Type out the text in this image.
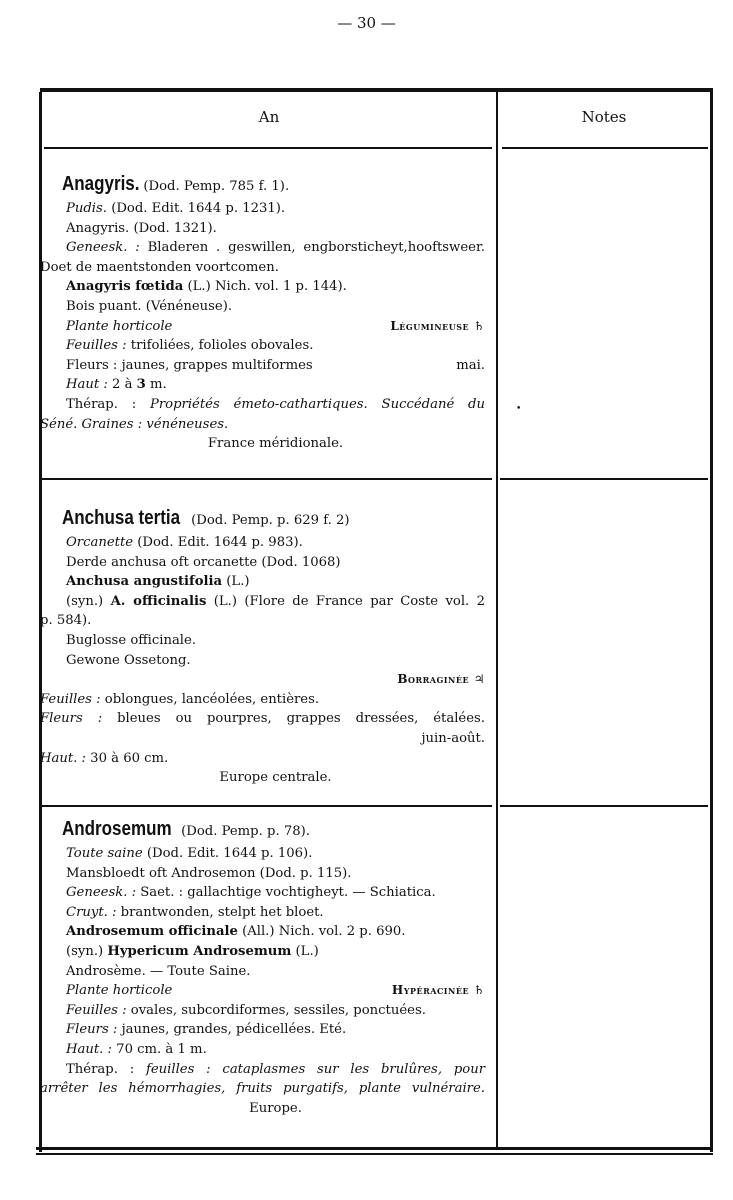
— 30 —
An	Notes
•
Anagyris. (Dod. Pemp. 785 f. 1).
Pudis. (Dod. Edit. 1644 p. 1231).
Anagyris. (Dod. 1321).
Geneesk. : Bladeren . geswillen, engborsticheyt,hooftsweer.
Doet de maentstonden voortcomen.
Anagyris fœtida (L.) Nich. vol. 1 p. 144).
Bois puant. (Vénéneuse).
Plante horticole	Légumineuse ♄
Feuilles : trifoliées, folioles obovales.
Fleurs : jaunes, grappes multiformes	mai.
Haut : 2 à 3 m.
Thérap. : Propriétés émeto-cathartiques. Succédané du
Séné. Graines : vénéneuses.
France méridionale.
Anchusa tertia (Dod. Pemp. p. 629 f. 2)
Orcanette (Dod. Edit. 1644 p. 983).
Derde anchusa oft orcanette (Dod. 1068)
Anchusa angustifolia (L.)
(syn.) A. officinalis (L.) (Flore de France par Coste vol. 2
p. 584).
Buglosse officinale.
Gewone Ossetong.
Borraginée ♃
Feuilles : oblongues, lancéolées, entières.
Fleurs : bleues ou pourpres, grappes dressées, étalées.
juin-août.
Haut. : 30 à 60 cm.
Europe centrale.
Androsemum (Dod. Pemp. p. 78).
Toute saine (Dod. Edit. 1644 p. 106).
Mansbloedt oft Androsemon (Dod. p. 115).
Geneesk. : Saet. : gallachtige vochtigheyt. — Schiatica.
Cruyt. : brantwonden, stelpt het bloet.
Androsemum officinale (All.) Nich. vol. 2 p. 690.
(syn.) Hypericum Androsemum (L.)
Androsème. — Toute Saine.
Plante horticole	Hypéracinée ♄
Feuilles : ovales, subcordiformes, sessiles, ponctuées.
Fleurs : jaunes, grandes, pédicellées. Eté.
Haut. : 70 cm. à 1 m.
Thérap. : feuilles : cataplasmes sur les brulûres, pour
arrêter les hémorrhagies, fruits purgatifs, plante vulnéraire.
Europe.
